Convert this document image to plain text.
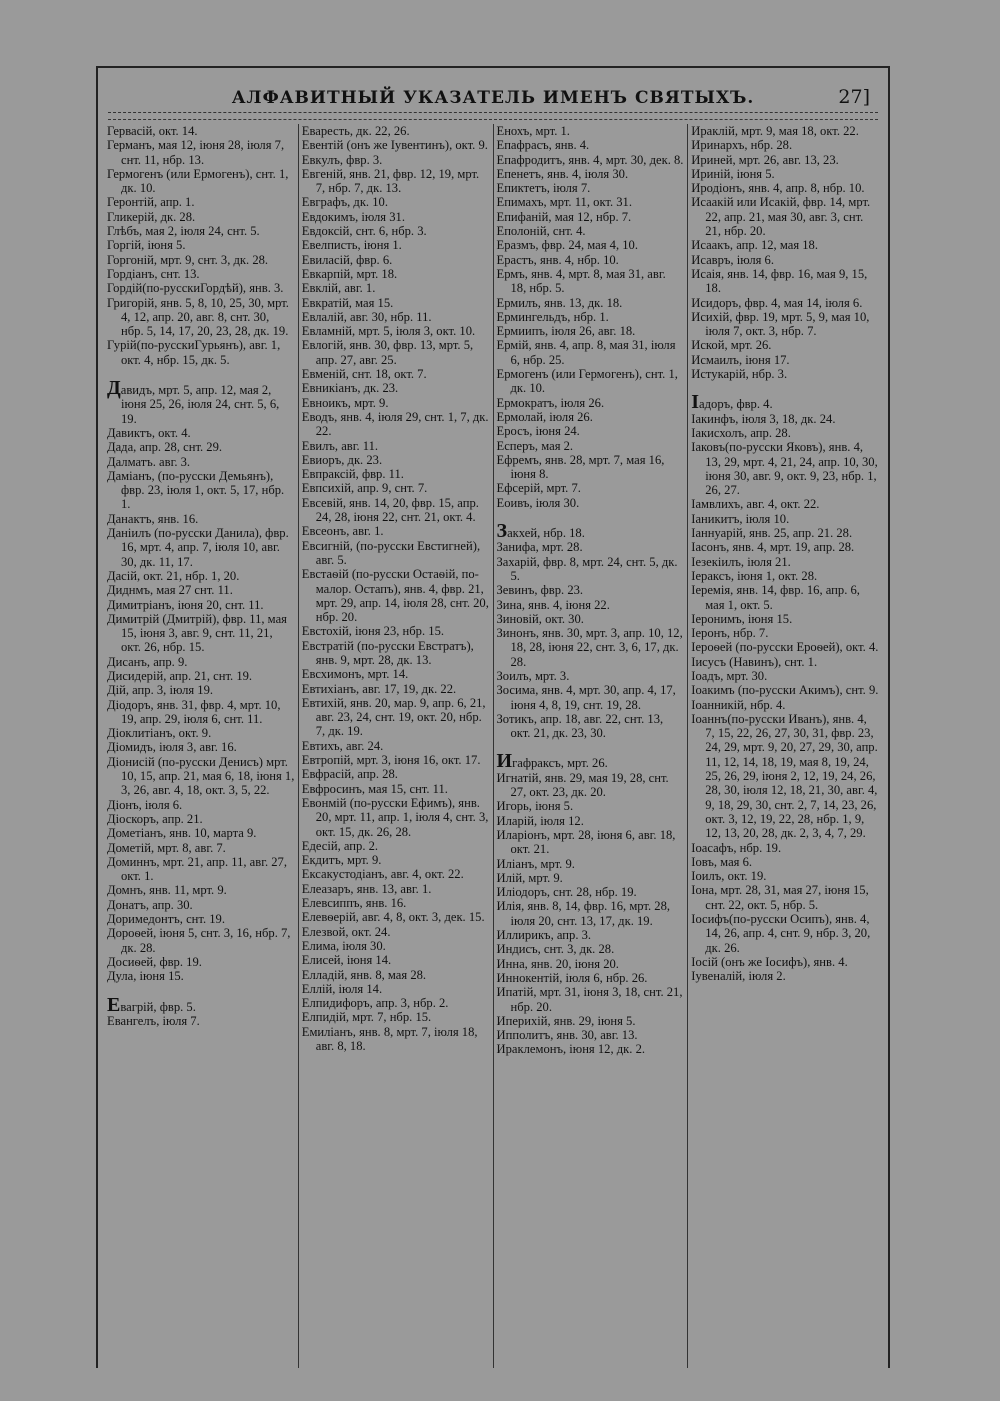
АЛФАВИТНЫЙ УКАЗАТЕЛЬ ИМЕНЪ СВЯТЫХЪ.	27]
Гервасій, окт. 14.
Германъ, мая 12, іюня 28, іюля 7, снт. 11, нбр. 13.
Гермогенъ (или Ермогенъ), снт. 1, дк. 10.
Геронтій, апр. 1.
Гликерій, дк. 28.
Глѣбъ, мая 2, іюля 24, снт. 5.
Горгій, іюня 5.
Горгоній, мрт. 9, снт. 3, дк. 28.
Гордіанъ, снт. 13.
Гордій(по-русскиГордѣй), янв. 3.
Григорій, янв. 5, 8, 10, 25, 30, мрт. 4, 12, апр. 20, авг. 8, снт. 30, нбр. 5, 14, 17, 20, 23, 28, дк. 19.
Гурій(по-русскиГурьянъ), авг. 1, окт. 4, нбр. 15, дк. 5.
Давидъ, мрт. 5, апр. 12, мая 2, іюня 25, 26, іюля 24, снт. 5, 6, 19.
Давиктъ, окт. 4.
Дада, апр. 28, снт. 29.
Далматъ. авг. 3.
Даміанъ, (по-русски Демьянъ), фвр. 23, іюля 1, окт. 5, 17, нбр. 1.
Данактъ, янв. 16.
Даніилъ (по-русски Данила), фвр. 16, мрт. 4, апр. 7, іюля 10, авг. 30, дк. 11, 17.
Дасій, окт. 21, нбр. 1, 20.
Диднмъ, мая 27 снт. 11.
Димитріанъ, іюня 20, снт. 11.
Димитрій (Дмитрій), фвр. 11, мая 15, іюня 3, авг. 9, снт. 11, 21, окт. 26, нбр. 15.
Дисанъ, апр. 9.
Дисидерій, апр. 21, снт. 19.
Дій, апр. 3, іюля 19.
Діодоръ, янв. 31, фвр. 4, мрт. 10, 19, апр. 29, іюля 6, снт. 11.
Діоклитіанъ, окт. 9.
Діомидъ, іюля 3, авг. 16.
Діонисій (по-русски Денисъ) мрт. 10, 15, апр. 21, мая 6, 18, іюня 1, 3, 26, авг. 4, 18, окт. 3, 5, 22.
Діонъ, іюля 6.
Діоскоръ, апр. 21.
Дометіанъ, янв. 10, марта 9.
Дометій, мрт. 8, авг. 7.
Доминнъ, мрт. 21, апр. 11, авг. 27, окт. 1.
Домнъ, янв. 11, мрт. 9.
Донатъ, апр. 30.
Доримедонтъ, снт. 19.
Дороѳей, іюня 5, снт. 3, 16, нбр. 7, дк. 28.
Досиѳей, фвр. 19.
Дула, іюня 15.
Евагрій, фвр. 5.
Евангелъ, іюля 7.
Еваресть, дк. 22, 26.
Евентій (онъ же Іувентинъ), окт. 9.
Евкулъ, фвр. 3.
Евгеній, янв. 21, фвр. 12, 19, мрт. 7, нбр. 7, дк. 13.
Евграфъ, дк. 10.
Евдокимъ, іюля 31.
Евдоксій, снт. 6, нбр. 3.
Евелписть, іюня 1.
Евиласій, фвр. 6.
Евкарпій, мрт. 18.
Евклій, авг. 1.
Евкратій, мая 15.
Евлалій, авг. 30, нбр. 11.
Евламній, мрт. 5, іюля 3, окт. 10.
Евлогій, янв. 30, фвр. 13, мрт. 5, апр. 27, авг. 25.
Евменій, снт. 18, окт. 7.
Евникіанъ, дк. 23.
Евноикъ, мрт. 9.
Еводъ, янв. 4, іюля 29, снт. 1, 7, дк. 22.
Евилъ, авг. 11.
Евиоръ, дк. 23.
Евпраксій, фвр. 11.
Евпсихій, апр. 9, снт. 7.
Евсевій, янв. 14, 20, фвр. 15, апр. 24, 28, іюня 22, снт. 21, окт. 4.
Евсеонъ, авг. 1.
Евсигній, (по-русски Евстигней), авг. 5.
Евстаѳій (по-русски Остаѳій, по-малор. Остапъ), янв. 4, фвр. 21, мрт. 29, апр. 14, іюля 28, снт. 20, нбр. 20.
Евстохій, іюня 23, нбр. 15.
Евстратій (по-русски Евстратъ), янв. 9, мрт. 28, дк. 13.
Евсхимонъ, мрт. 14.
Евтихіанъ, авг. 17, 19, дк. 22.
Евтихій, янв. 20, мар. 9, апр. 6, 21, авг. 23, 24, снт. 19, окт. 20, нбр. 7, дк. 19.
Евтихъ, авг. 24.
Евтропій, мрт. 3, іюня 16, окт. 17.
Евфрасій, апр. 28.
Евфросинъ, мая 15, снт. 11.
Евонмій (по-русски Ефимъ), янв. 20, мрт. 11, апр. 1, іюля 4, снт. 3, окт. 15, дк. 26, 28.
Едесій, апр. 2.
Екдитъ, мрт. 9.
Ексакустодіанъ, авг. 4, окт. 22.
Елеазаръ, янв. 13, авг. 1.
Елевсиппъ, янв. 16.
Елевѳерій, авг. 4, 8, окт. 3, дек. 15.
Елезвой, окт. 24.
Елима, іюля 30.
Елисей, іюня 14.
Елладій, янв. 8, мая 28.
Еллій, іюля 14.
Елпидифоръ, апр. 3, нбр. 2.
Елпидій, мрт. 7, нбр. 15.
Емиліанъ, янв. 8, мрт. 7, іюля 18, авг. 8, 18.
Енохъ, мрт. 1.
Епафрасъ, янв. 4.
Епафродитъ, янв. 4, мрт. 30, дек. 8.
Епенетъ, янв. 4, іюля 30.
Епиктетъ, іюля 7.
Епимахъ, мрт. 11, окт. 31.
Епифаній, мая 12, нбр. 7.
Еполоній, снт. 4.
Еразмъ, фвр. 24, мая 4, 10.
Ерастъ, янв. 4, нбр. 10.
Ермъ, янв. 4, мрт. 8, мая 31, авг. 18, нбр. 5.
Ермилъ, янв. 13, дк. 18.
Ермингельдъ, нбр. 1.
Ермиипъ, іюля 26, авг. 18.
Ермій, янв. 4, апр. 8, мая 31, іюля 6, нбр. 25.
Ермогенъ (или Гермогенъ), снт. 1, дк. 10.
Ермократъ, іюля 26.
Ермолай, іюля 26.
Еросъ, іюня 24.
Есперъ, мая 2.
Ефремъ, янв. 28, мрт. 7, мая 16, іюня 8.
Ефсерій, мрт. 7.
Еоивъ, іюля 30.
Закхей, нбр. 18.
Занифа, мрт. 28.
Захарій, фвр. 8, мрт. 24, снт. 5, дк. 5.
Зевинъ, фвр. 23.
Зина, янв. 4, іюня 22.
Зиновій, окт. 30.
Зинонъ, янв. 30, мрт. 3, апр. 10, 12, 18, 28, іюня 22, снт. 3, 6, 17, дк. 28.
Зоилъ, мрт. 3.
Зосима, янв. 4, мрт. 30, апр. 4, 17, іюня 4, 8, 19, снт. 19, 28.
Зотикъ, апр. 18, авг. 22, снт. 13, окт. 21, дк. 23, 30.
Игафраксъ, мрт. 26.
Игнатій, янв. 29, мая 19, 28, снт. 27, окт. 23, дк. 20.
Игорь, іюня 5.
Иларій, іюля 12.
Иларіонъ, мрт. 28, іюня 6, авг. 18, окт. 21.
Иліанъ, мрт. 9.
Илій, мрт. 9.
Иліодоръ, снт. 28, нбр. 19.
Илія, янв. 8, 14, фвр. 16, мрт. 28, іюля 20, снт. 13, 17, дк. 19.
Иллирикъ, апр. 3.
Индисъ, снт. 3, дк. 28.
Инна, янв. 20, іюня 20.
Иннокентій, іюля 6, нбр. 26.
Ипатій, мрт. 31, іюня 3, 18, снт. 21, нбр. 20.
Иперихій, янв. 29, іюня 5.
Ипполитъ, янв. 30, авг. 13.
Ираклемонъ, іюня 12, дк. 2.
Ираклій, мрт. 9, мая 18, окт. 22.
Иринархъ, нбр. 28.
Ириней, мрт. 26, авг. 13, 23.
Ириній, іюня 5.
Иродіонъ, янв. 4, апр. 8, нбр. 10.
Исаакій или Исакій, фвр. 14, мрт. 22, апр. 21, мая 30, авг. 3, снт. 21, нбр. 20.
Исаакъ, апр. 12, мая 18.
Исавръ, іюля 6.
Исаія, янв. 14, фвр. 16, мая 9, 15, 18.
Исидоръ, фвр. 4, мая 14, іюля 6.
Исихій, фвр. 19, мрт. 5, 9, мая 10, іюля 7, окт. 3, нбр. 7.
Иской, мрт. 26.
Исмаилъ, іюня 17.
Истукарій, нбр. 3.
Іадоръ, фвр. 4.
Іакинфъ, іюля 3, 18, дк. 24.
Іакисхолъ, апр. 28.
Іаковъ(по-русски Яковъ), янв. 4, 13, 29, мрт. 4, 21, 24, апр. 10, 30, іюня 30, авг. 9, окт. 9, 23, нбр. 1, 26, 27.
Іамвлихъ, авг. 4, окт. 22.
Іаникитъ, іюля 10.
Іаннуарій, янв. 25, апр. 21. 28.
Іасонъ, янв. 4, мрт. 19, апр. 28.
Іезекіилъ, іюля 21.
Іераксъ, іюня 1, окт. 28.
Іеремія, янв. 14, фвр. 16, апр. 6, мая 1, окт. 5.
Іеронимъ, іюня 15.
Іеронъ, нбр. 7.
Іероѳей (по-русски Ероѳей), окт. 4.
Іисусъ (Навинъ), снт. 1.
Іоадъ, мрт. 30.
Іоакимъ (по-русски Акимъ), снт. 9.
Іоанникій, нбр. 4.
Іоаннъ(по-русски Иванъ), янв. 4, 7, 15, 22, 26, 27, 30, 31, фвр. 23, 24, 29, мрт. 9, 20, 27, 29, 30, апр. 11, 12, 14, 18, 19, мая 8, 19, 24, 25, 26, 29, іюня 2, 12, 19, 24, 26, 28, 30, іюля 12, 18, 21, 30, авг. 4, 9, 18, 29, 30, снт. 2, 7, 14, 23, 26, окт. 3, 12, 19, 22, 28, нбр. 1, 9, 12, 13, 20, 28, дк. 2, 3, 4, 7, 29.
Іоасафъ, нбр. 19.
Іовъ, мая 6.
Іоилъ, окт. 19.
Іона, мрт. 28, 31, мая 27, іюня 15, снт. 22, окт. 5, нбр. 5.
Іосифъ(по-русски Осипъ), янв. 4, 14, 26, апр. 4, снт. 9, нбр. 3, 20, дк. 26.
Іосій (онъ же Іосифъ), янв. 4.
Іувеналій, іюля 2.
